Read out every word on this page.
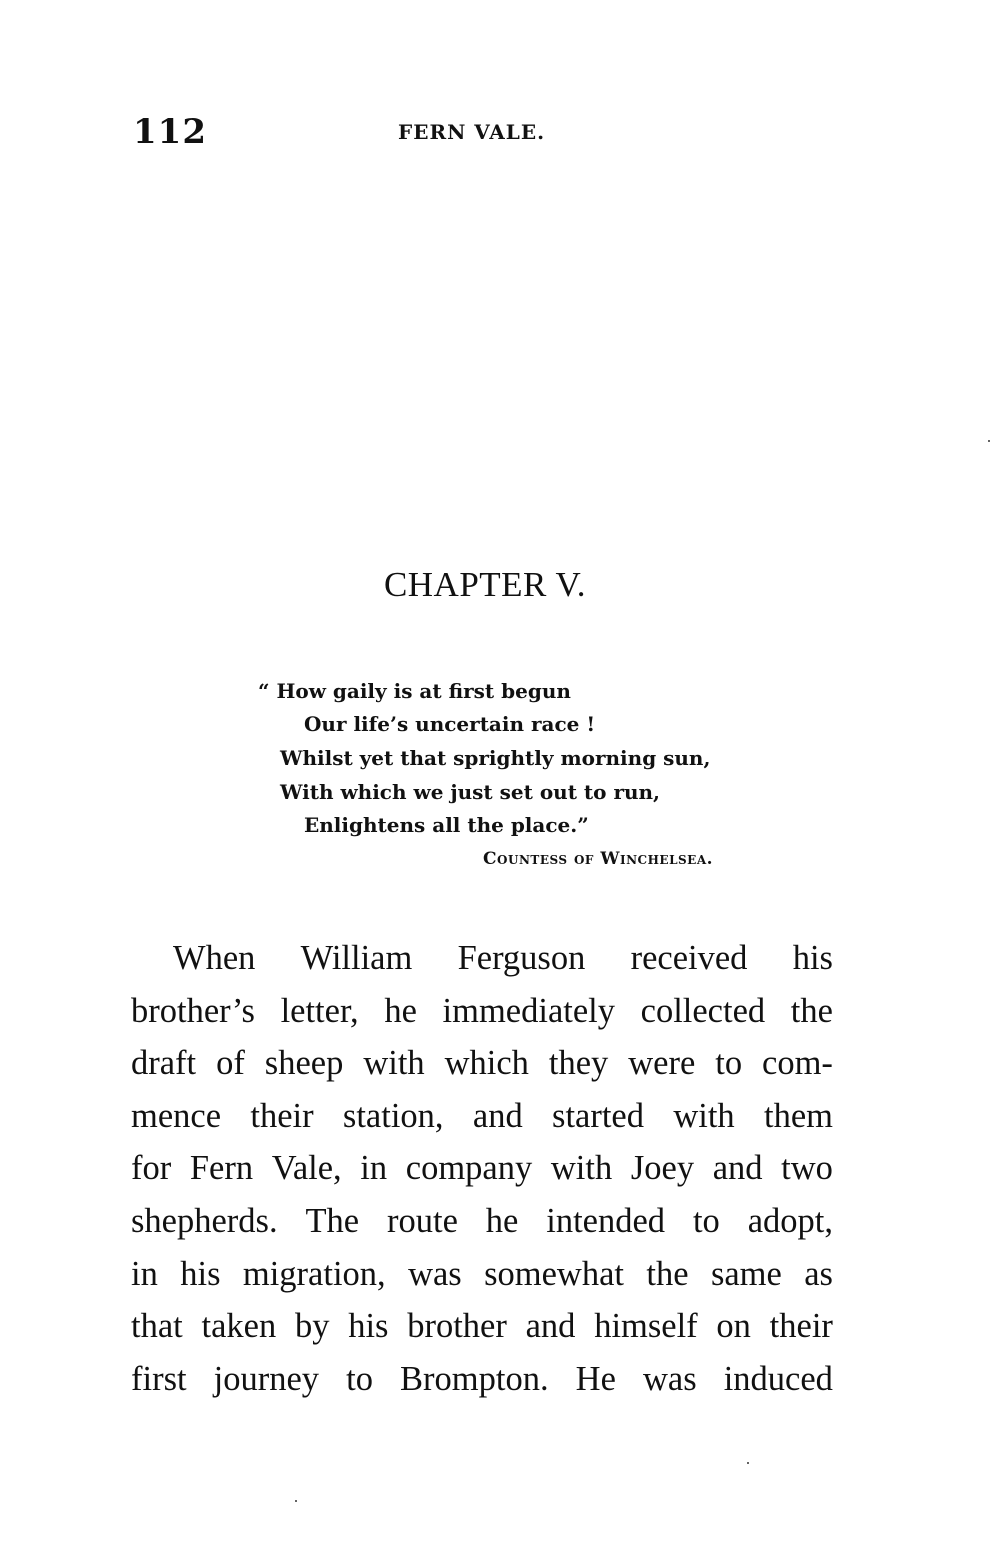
112	FERN VALE.
CHAPTER V.
“ How gaily is at first begun
Our life’s uncertain race !
Whilst yet that sprightly morning sun,
With which we just set out to run,
Enlightens all the place.”
Countess of Winchelsea.
When William Ferguson received his
brother’s letter, he immediately collected the
draft of sheep with which they were to com-
mence their station, and started with them
for Fern Vale, in company with Joey and two
shepherds. The route he intended to adopt,
in his migration, was somewhat the same as
that taken by his brother and himself on their
first journey to Brompton. He was induced
